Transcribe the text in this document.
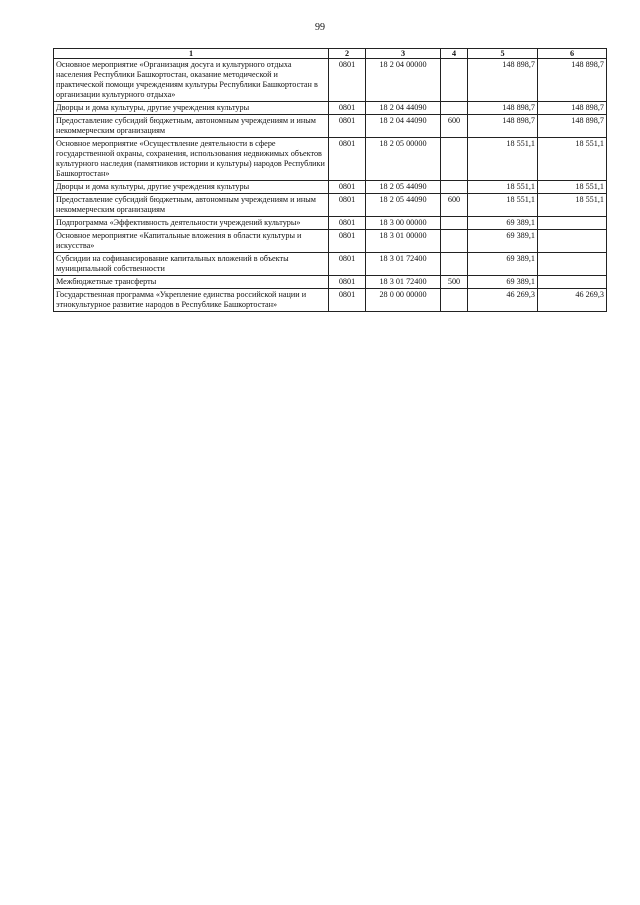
99
1	2	3	4	5	6
Основное мероприятие «Организация досуга и культурного отдыха населения Республики Башкортостан, оказание методической и практической помощи учреждениям культуры Республики Башкортостан в организации культурного отдыха»	0801	18 2 04 00000		148 898,7	148 898,7
Дворцы и дома культуры, другие учреждения культуры	0801	18 2 04 44090		148 898,7	148 898,7
Предоставление субсидий бюджетным, автономным учреждениям и иным некоммерческим организациям	0801	18 2 04 44090	600	148 898,7	148 898,7
Основное мероприятие «Осуществление деятельности в сфере государственной охраны, сохранения, использования недвижимых объектов культурного наследия (памятников истории и культуры) народов Республики Башкортостан»	0801	18 2 05 00000		18 551,1	18 551,1
Дворцы и дома культуры, другие учреждения культуры	0801	18 2 05 44090		18 551,1	18 551,1
Предоставление субсидий бюджетным, автономным учреждениям и иным некоммерческим организациям	0801	18 2 05 44090	600	18 551,1	18 551,1
Подпрограмма «Эффективность деятельности учреждений культуры»	0801	18 3 00 00000		69 389,1	
Основное мероприятие «Капитальные вложения в области культуры и искусства»	0801	18 3 01 00000		69 389,1	
Субсидии на софинансирование капитальных вложений в объекты муниципальной собственности	0801	18 3 01 72400		69 389,1	
Межбюджетные трансферты	0801	18 3 01 72400	500	69 389,1	
Государственная программа «Укрепление единства российской нации и этнокультурное развитие народов в Республике Башкортостан»	0801	28 0 00 00000		46 269,3	46 269,3
